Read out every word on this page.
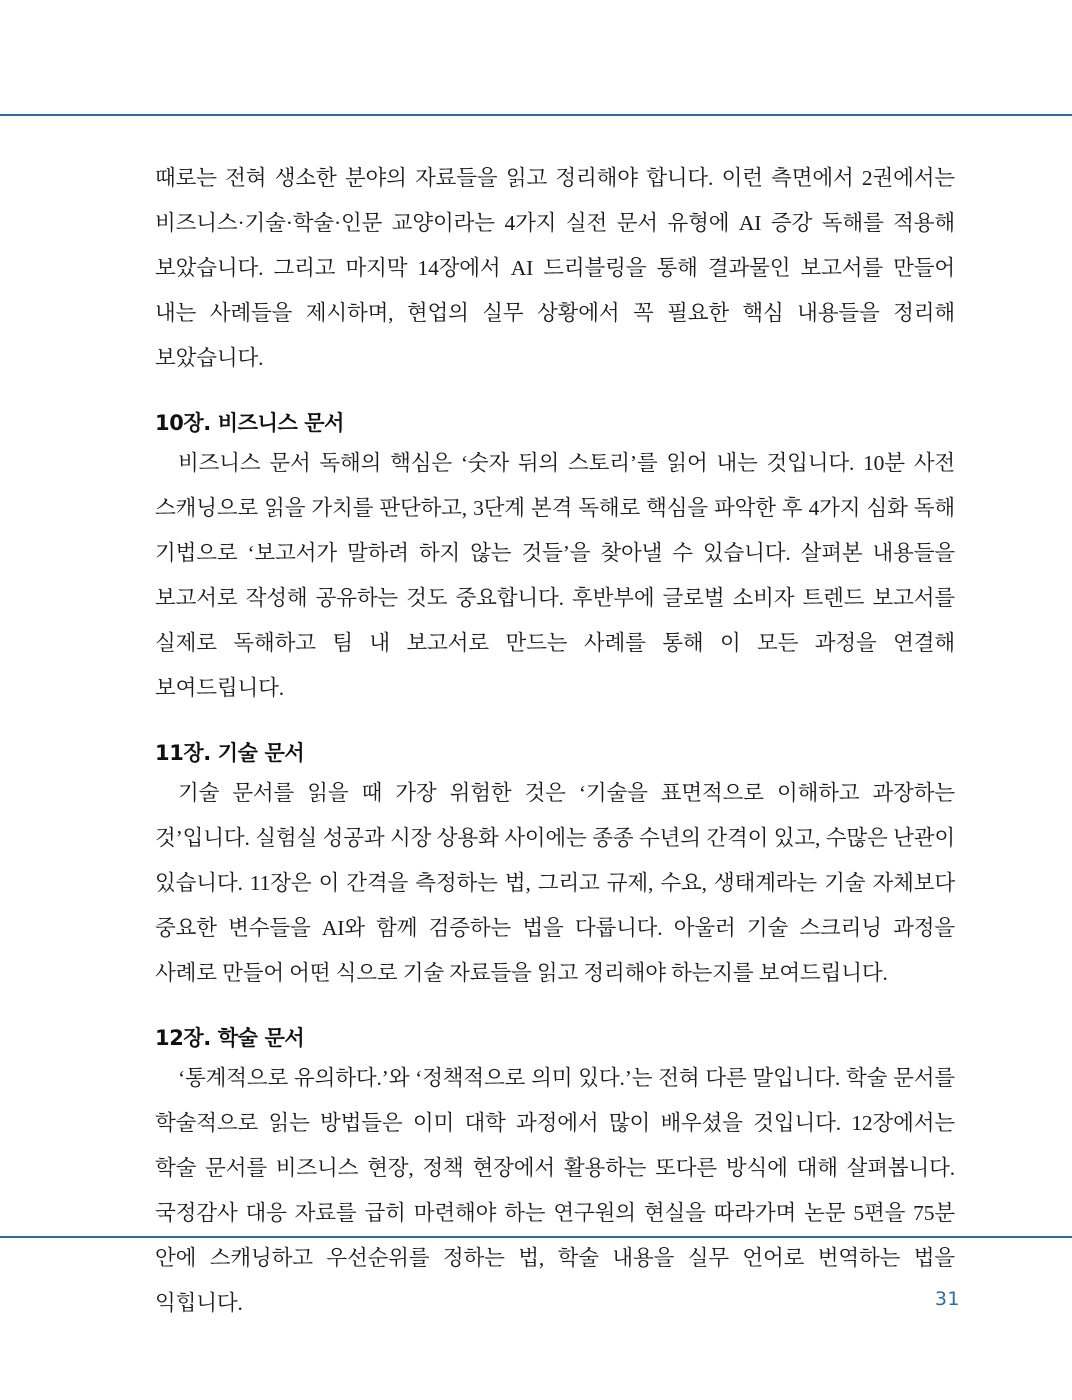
때로는 전혀 생소한 분야의 자료들을 읽고 정리해야 합니다. 이런 측면에서 2권에서는 비즈니스·기술·학술·인문 교양이라는 4가지 실전 문서 유형에 AI 증강 독해를 적용해 보았습니다. 그리고 마지막 14장에서 AI 드리블링을 통해 결과물인 보고서를 만들어 내는 사례들을 제시하며, 현업의 실무 상황에서 꼭 필요한 핵심 내용들을 정리해 보았습니다.

10장. 비즈니스 문서

비즈니스 문서 독해의 핵심은 ‘숫자 뒤의 스토리’를 읽어 내는 것입니다. 10분 사전 스캐닝으로 읽을 가치를 판단하고, 3단계 본격 독해로 핵심을 파악한 후 4가지 심화 독해 기법으로 ‘보고서가 말하려 하지 않는 것들’을 찾아낼 수 있습니다. 살펴본 내용들을 보고서로 작성해 공유하는 것도 중요합니다. 후반부에 글로벌 소비자 트렌드 보고서를 실제로 독해하고 팀 내 보고서로 만드는 사례를 통해 이 모든 과정을 연결해 보여드립니다.

11장. 기술 문서

기술 문서를 읽을 때 가장 위험한 것은 ‘기술을 표면적으로 이해하고 과장하는 것’입니다. 실험실 성공과 시장 상용화 사이에는 종종 수년의 간격이 있고, 수많은 난관이 있습니다. 11장은 이 간격을 측정하는 법, 그리고 규제, 수요, 생태계라는 기술 자체보다 중요한 변수들을 AI와 함께 검증하는 법을 다룹니다. 아울러 기술 스크리닝 과정을 사례로 만들어 어떤 식으로 기술 자료들을 읽고 정리해야 하는지를 보여드립니다.

12장. 학술 문서

‘통계적으로 유의하다.’와 ‘정책적으로 의미 있다.’는 전혀 다른 말입니다. 학술 문서를 학술적으로 읽는 방법들은 이미 대학 과정에서 많이 배우셨을 것입니다. 12장에서는 학술 문서를 비즈니스 현장, 정책 현장에서 활용하는 또다른 방식에 대해 살펴봅니다. 국정감사 대응 자료를 급히 마련해야 하는 연구원의 현실을 따라가며 논문 5편을 75분 안에 스캐닝하고 우선순위를 정하는 법, 학술 내용을 실무 언어로 번역하는 법을 익힙니다.	31
